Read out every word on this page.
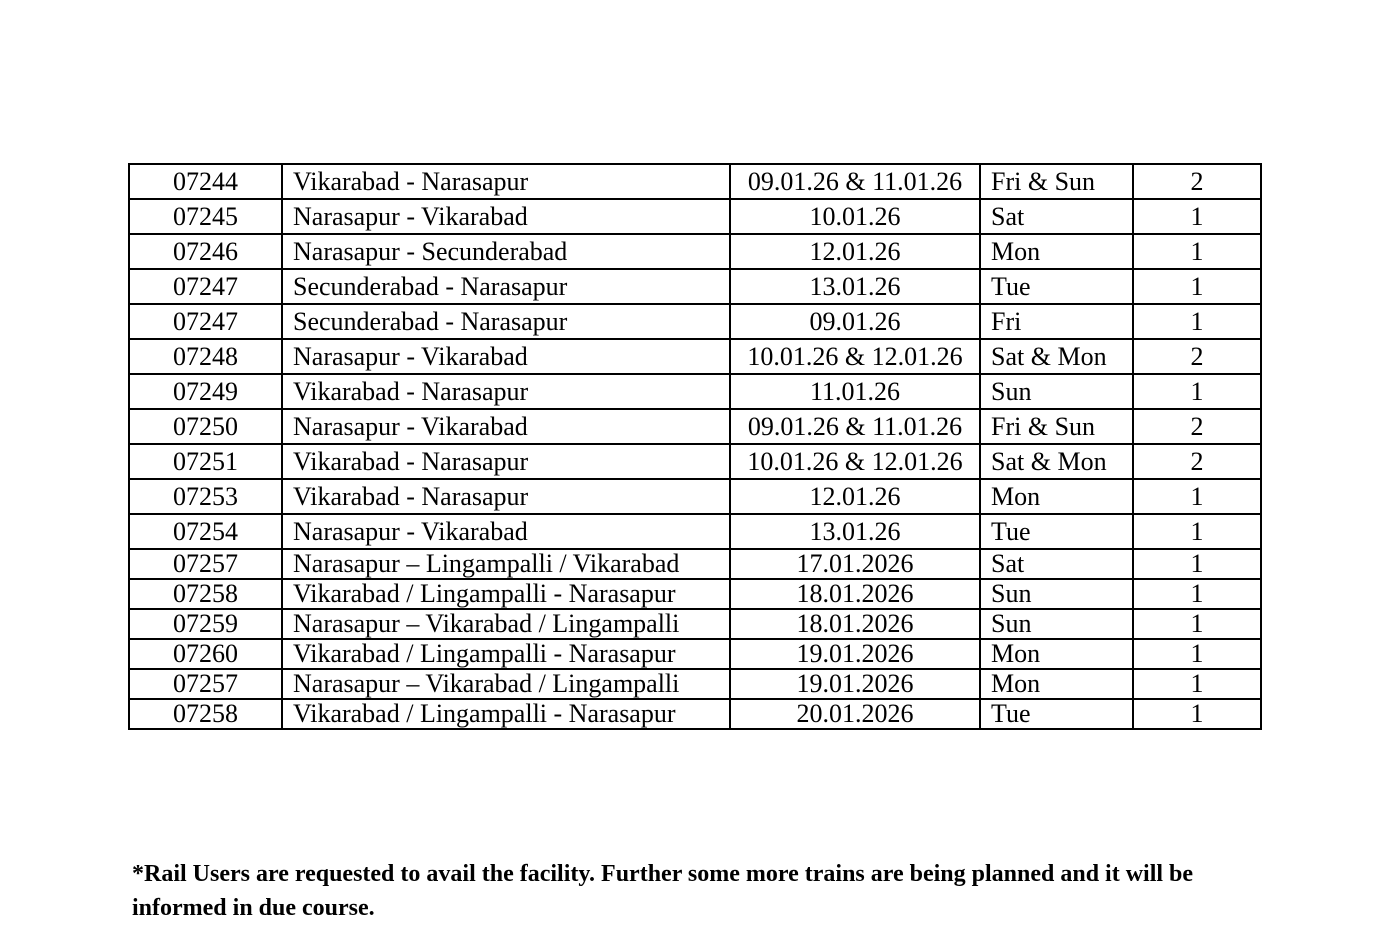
07244	Vikarabad - Narasapur	09.01.26 & 11.01.26	Fri & Sun	2
07245	Narasapur - Vikarabad	10.01.26	Sat	1
07246	Narasapur - Secunderabad	12.01.26	Mon	1
07247	Secunderabad - Narasapur	13.01.26	Tue	1
07247	Secunderabad - Narasapur	09.01.26	Fri	1
07248	Narasapur - Vikarabad	10.01.26 & 12.01.26	Sat & Mon	2
07249	Vikarabad - Narasapur	11.01.26	Sun	1
07250	Narasapur - Vikarabad	09.01.26 & 11.01.26	Fri & Sun	2
07251	Vikarabad - Narasapur	10.01.26 & 12.01.26	Sat & Mon	2
07253	Vikarabad - Narasapur	12.01.26	Mon	1
07254	Narasapur - Vikarabad	13.01.26	Tue	1
07257	Narasapur – Lingampalli / Vikarabad	17.01.2026	Sat	1
07258	Vikarabad / Lingampalli - Narasapur	18.01.2026	Sun	1
07259	Narasapur – Vikarabad / Lingampalli	18.01.2026	Sun	1
07260	Vikarabad / Lingampalli - Narasapur	19.01.2026	Mon	1
07257	Narasapur – Vikarabad / Lingampalli	19.01.2026	Mon	1
07258	Vikarabad / Lingampalli - Narasapur	20.01.2026	Tue	1

*Rail Users are requested to avail the facility. Further some more trains are being planned and it will be informed in due course.
